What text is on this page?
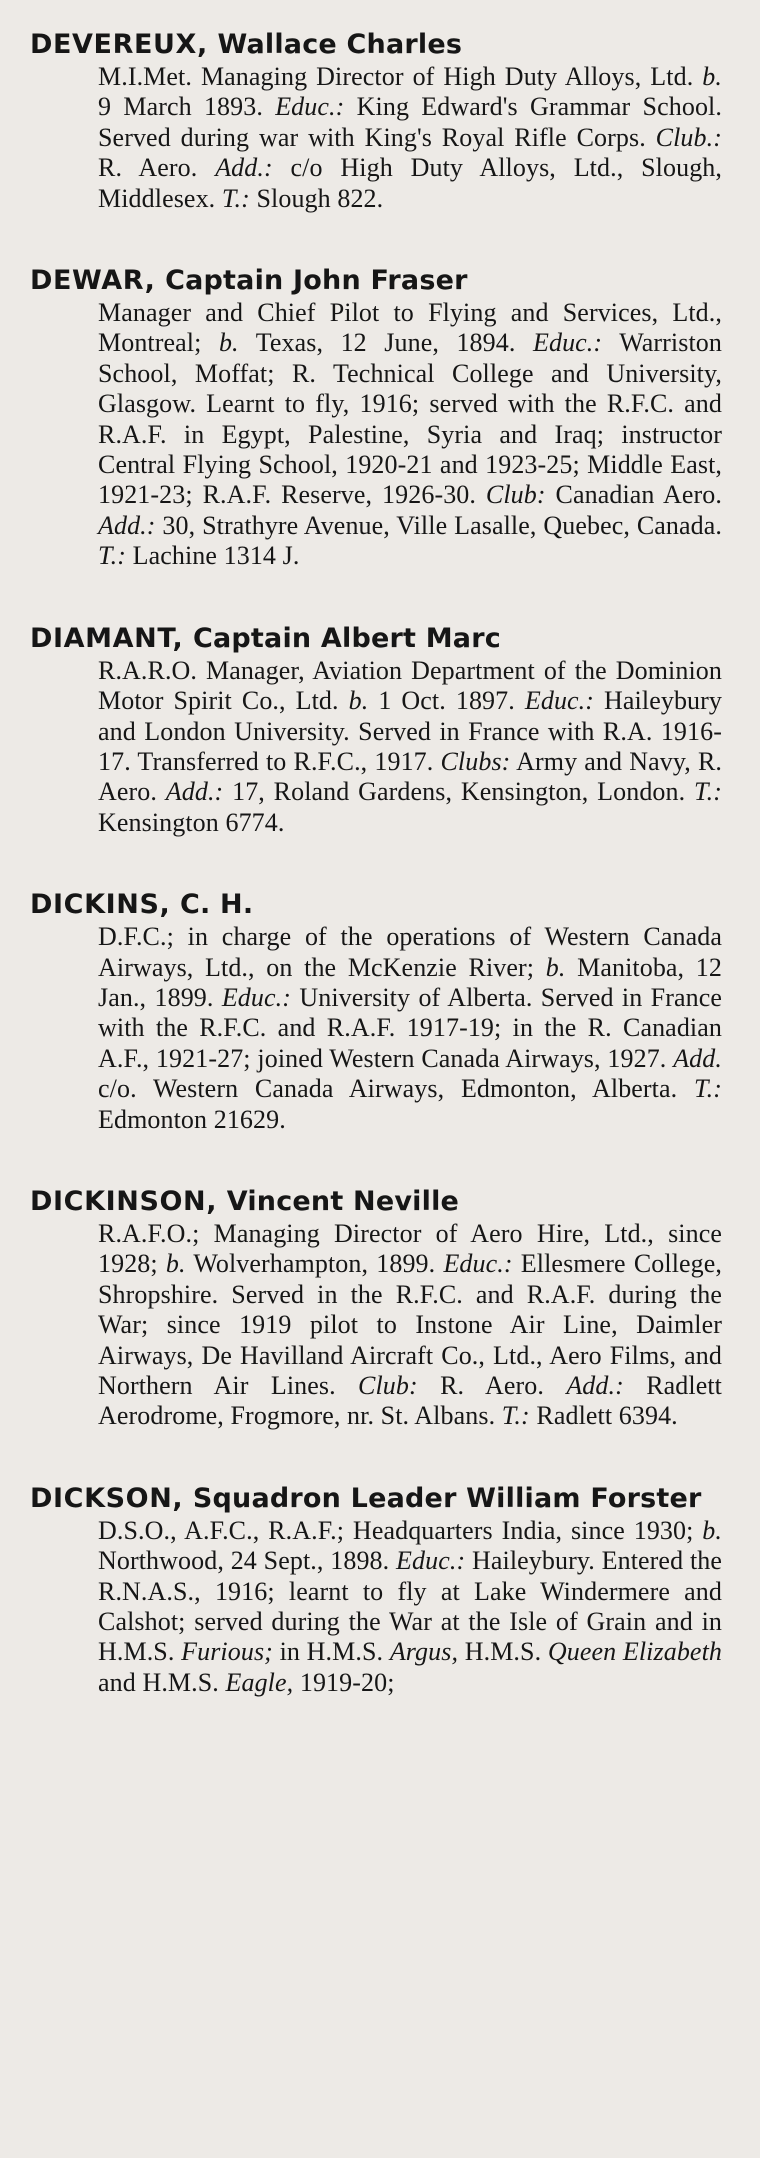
DEVEREUX, Wallace Charles

M.I.Met. Managing Director of High Duty Alloys, Ltd. b. 9 March 1893. Educ.: King Edward's Grammar School. Served during war with King's Royal Rifle Corps. Club.: R. Aero. Add.: c/o High Duty Alloys, Ltd., Slough, Middlesex. T.: Slough 822.

DEWAR, Captain John Fraser

Manager and Chief Pilot to Flying and Services, Ltd., Montreal; b. Texas, 12 June, 1894. Educ.: Warriston School, Moffat; R. Technical College and University, Glasgow. Learnt to fly, 1916; served with the R.F.C. and R.A.F. in Egypt, Palestine, Syria and Iraq; instructor Central Flying School, 1920-21 and 1923-25; Middle East, 1921-23; R.A.F. Reserve, 1926-30. Club: Canadian Aero. Add.: 30, Strathyre Avenue, Ville Lasalle, Quebec, Canada. T.: Lachine 1314 J.

DIAMANT, Captain Albert Marc

R.A.R.O. Manager, Aviation Department of the Dominion Motor Spirit Co., Ltd. b. 1 Oct. 1897. Educ.: Haileybury and London University. Served in France with R.A. 1916-17. Transferred to R.F.C., 1917. Clubs: Army and Navy, R. Aero. Add.: 17, Roland Gardens, Kensington, London. T.: Kensington 6774.

DICKINS, C. H.

D.F.C.; in charge of the operations of Western Canada Airways, Ltd., on the McKenzie River; b. Manitoba, 12 Jan., 1899. Educ.: University of Alberta. Served in France with the R.F.C. and R.A.F. 1917-19; in the R. Canadian A.F., 1921-27; joined Western Canada Airways, 1927. Add. c/o. Western Canada Airways, Edmonton, Alberta. T.: Edmonton 21629.

DICKINSON, Vincent Neville

R.A.F.O.; Managing Director of Aero Hire, Ltd., since 1928; b. Wolverhampton, 1899. Educ.: Ellesmere College, Shropshire. Served in the R.F.C. and R.A.F. during the War; since 1919 pilot to Instone Air Line, Daimler Airways, De Havilland Aircraft Co., Ltd., Aero Films, and Northern Air Lines. Club: R. Aero. Add.: Radlett Aerodrome, Frogmore, nr. St. Albans. T.: Radlett 6394.

DICKSON, Squadron Leader William Forster

D.S.O., A.F.C., R.A.F.; Headquarters India, since 1930; b. Northwood, 24 Sept., 1898. Educ.: Haileybury. Entered the R.N.A.S., 1916; learnt to fly at Lake Windermere and Calshot; served during the War at the Isle of Grain and in H.M.S. Furious; in H.M.S. Argus, H.M.S. Queen Elizabeth and H.M.S. Eagle, 1919-20;
